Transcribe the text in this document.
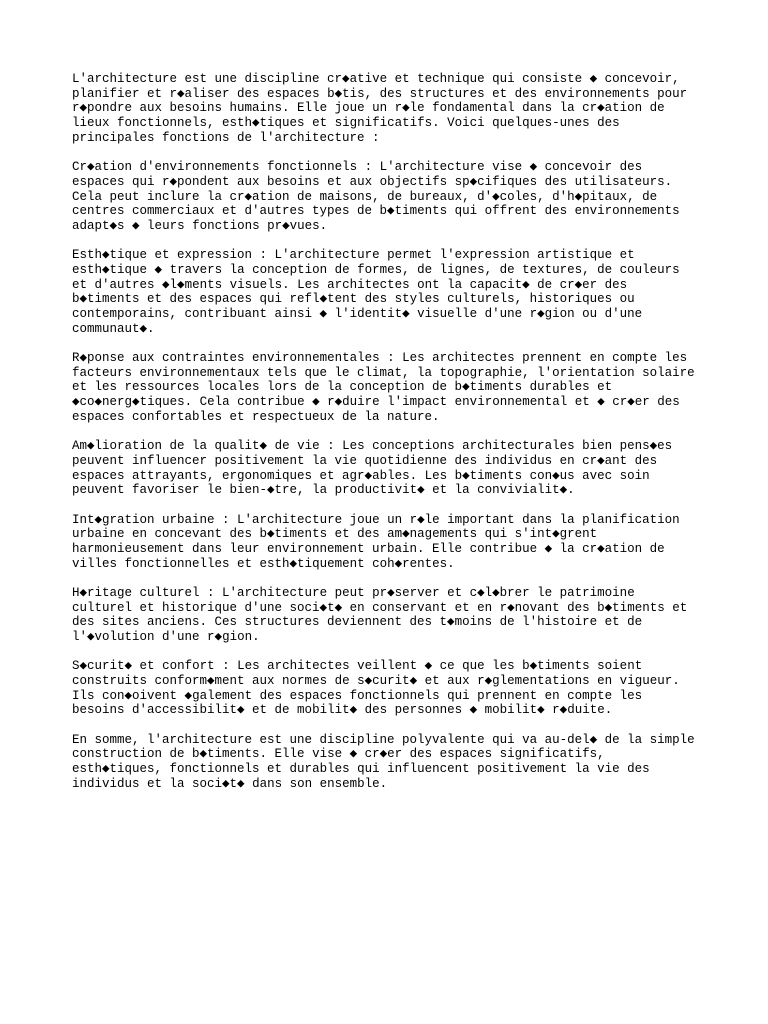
L'architecture est une discipline cr◆ative et technique qui consiste ◆ concevoir,
planifier et r◆aliser des espaces b◆tis, des structures et des environnements pour
r◆pondre aux besoins humains. Elle joue un r◆le fondamental dans la cr◆ation de
lieux fonctionnels, esth◆tiques et significatifs. Voici quelques-unes des
principales fonctions de l'architecture :

Cr◆ation d'environnements fonctionnels : L'architecture vise ◆ concevoir des
espaces qui r◆pondent aux besoins et aux objectifs sp◆cifiques des utilisateurs.
Cela peut inclure la cr◆ation de maisons, de bureaux, d'◆coles, d'h◆pitaux, de
centres commerciaux et d'autres types de b◆timents qui offrent des environnements
adapt◆s ◆ leurs fonctions pr◆vues.

Esth◆tique et expression : L'architecture permet l'expression artistique et
esth◆tique ◆ travers la conception de formes, de lignes, de textures, de couleurs
et d'autres ◆l◆ments visuels. Les architectes ont la capacit◆ de cr◆er des
b◆timents et des espaces qui refl◆tent des styles culturels, historiques ou
contemporains, contribuant ainsi ◆ l'identit◆ visuelle d'une r◆gion ou d'une
communaut◆.

R◆ponse aux contraintes environnementales : Les architectes prennent en compte les
facteurs environnementaux tels que le climat, la topographie, l'orientation solaire
et les ressources locales lors de la conception de b◆timents durables et
◆co◆nerg◆tiques. Cela contribue ◆ r◆duire l'impact environnemental et ◆ cr◆er des
espaces confortables et respectueux de la nature.

Am◆lioration de la qualit◆ de vie : Les conceptions architecturales bien pens◆es
peuvent influencer positivement la vie quotidienne des individus en cr◆ant des
espaces attrayants, ergonomiques et agr◆ables. Les b◆timents con◆us avec soin
peuvent favoriser le bien-◆tre, la productivit◆ et la convivialit◆.

Int◆gration urbaine : L'architecture joue un r◆le important dans la planification
urbaine en concevant des b◆timents et des am◆nagements qui s'int◆grent
harmonieusement dans leur environnement urbain. Elle contribue ◆ la cr◆ation de
villes fonctionnelles et esth◆tiquement coh◆rentes.

H◆ritage culturel : L'architecture peut pr◆server et c◆l◆brer le patrimoine
culturel et historique d'une soci◆t◆ en conservant et en r◆novant des b◆timents et
des sites anciens. Ces structures deviennent des t◆moins de l'histoire et de
l'◆volution d'une r◆gion.

S◆curit◆ et confort : Les architectes veillent ◆ ce que les b◆timents soient
construits conform◆ment aux normes de s◆curit◆ et aux r◆glementations en vigueur.
Ils con◆oivent ◆galement des espaces fonctionnels qui prennent en compte les
besoins d'accessibilit◆ et de mobilit◆ des personnes ◆ mobilit◆ r◆duite.

En somme, l'architecture est une discipline polyvalente qui va au-del◆ de la simple
construction de b◆timents. Elle vise ◆ cr◆er des espaces significatifs,
esth◆tiques, fonctionnels et durables qui influencent positivement la vie des
individus et la soci◆t◆ dans son ensemble.
